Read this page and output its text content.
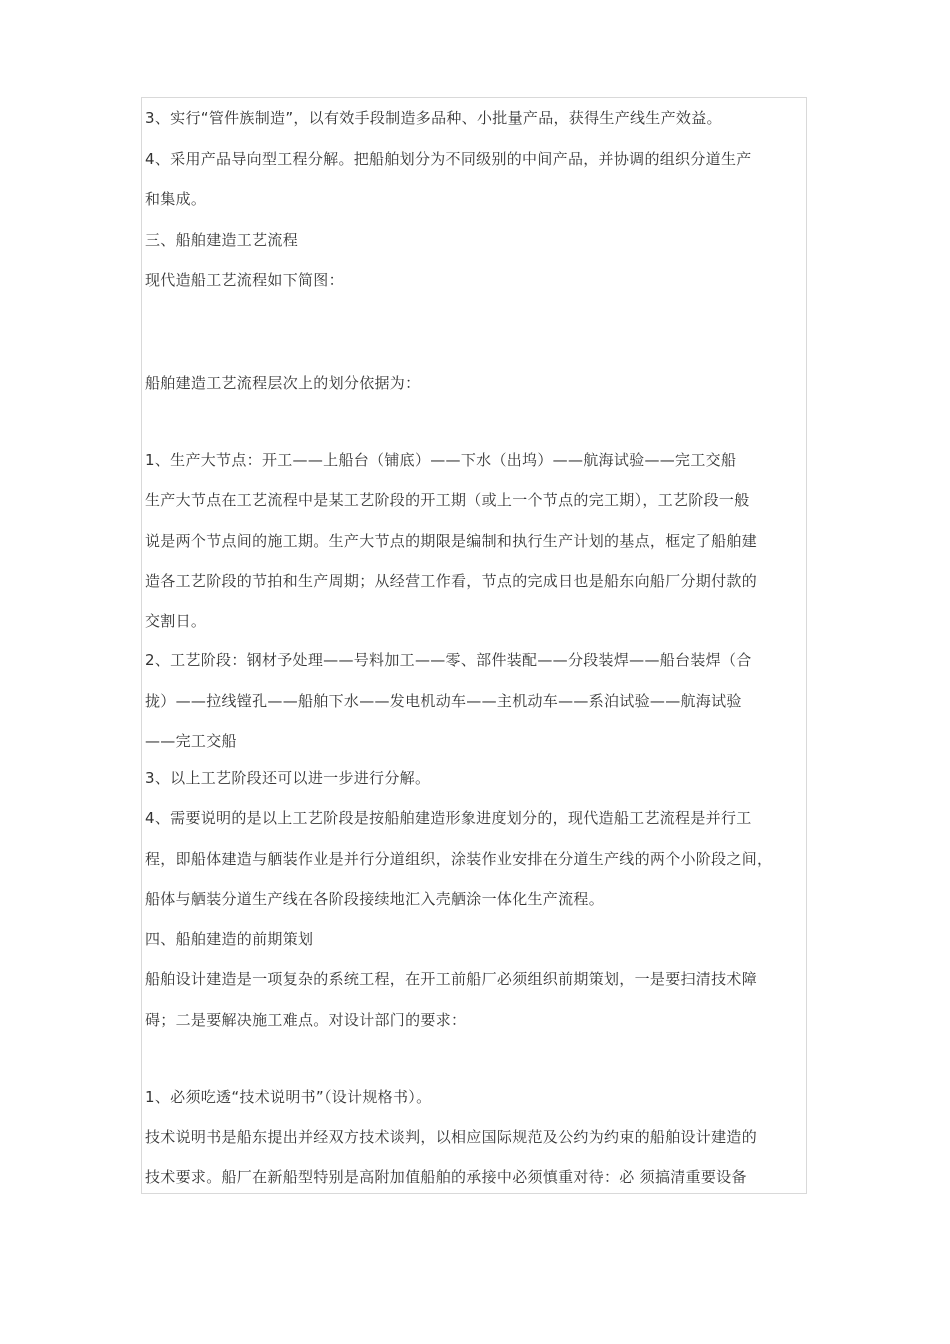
3、实行“管件族制造”，以有效手段制造多品种、小批量产品，获得生产线生产效益。
4、采用产品导向型工程分解。把船舶划分为不同级别的中间产品，并协调的组织分道生产
和集成。
三、船舶建造工艺流程
现代造船工艺流程如下简图：
船舶建造工艺流程层次上的划分依据为：
1、生产大节点：开工——上船台（铺底）——下水（出坞）——航海试验——完工交船
生产大节点在工艺流程中是某工艺阶段的开工期（或上一个节点的完工期），工艺阶段一般
说是两个节点间的施工期。生产大节点的期限是编制和执行生产计划的基点，框定了船舶建
造各工艺阶段的节拍和生产周期；从经营工作看，节点的完成日也是船东向船厂分期付款的
交割日。
2、工艺阶段：钢材予处理——号料加工——零、部件装配——分段装焊——船台装焊（合
拢）——拉线镗孔——船舶下水——发电机动车——主机动车——系泊试验——航海试验
——完工交船
3、以上工艺阶段还可以进一步进行分解。
4、需要说明的是以上工艺阶段是按船舶建造形象进度划分的，现代造船工艺流程是并行工
程，即船体建造与舾装作业是并行分道组织，涂装作业安排在分道生产线的两个小阶段之间，
船体与舾装分道生产线在各阶段接续地汇入壳舾涂一体化生产流程。
四、船舶建造的前期策划
船舶设计建造是一项复杂的系统工程，在开工前船厂必须组织前期策划，一是要扫清技术障
碍；二是要解决施工难点。对设计部门的要求：
1、必须吃透“技术说明书”（设计规格书）。
技术说明书是船东提出并经双方技术谈判，以相应国际规范及公约为约束的船舶设计建造的
技术要求。船厂在新船型特别是高附加值船舶的承接中必须慎重对待：必 须搞清重要设备
